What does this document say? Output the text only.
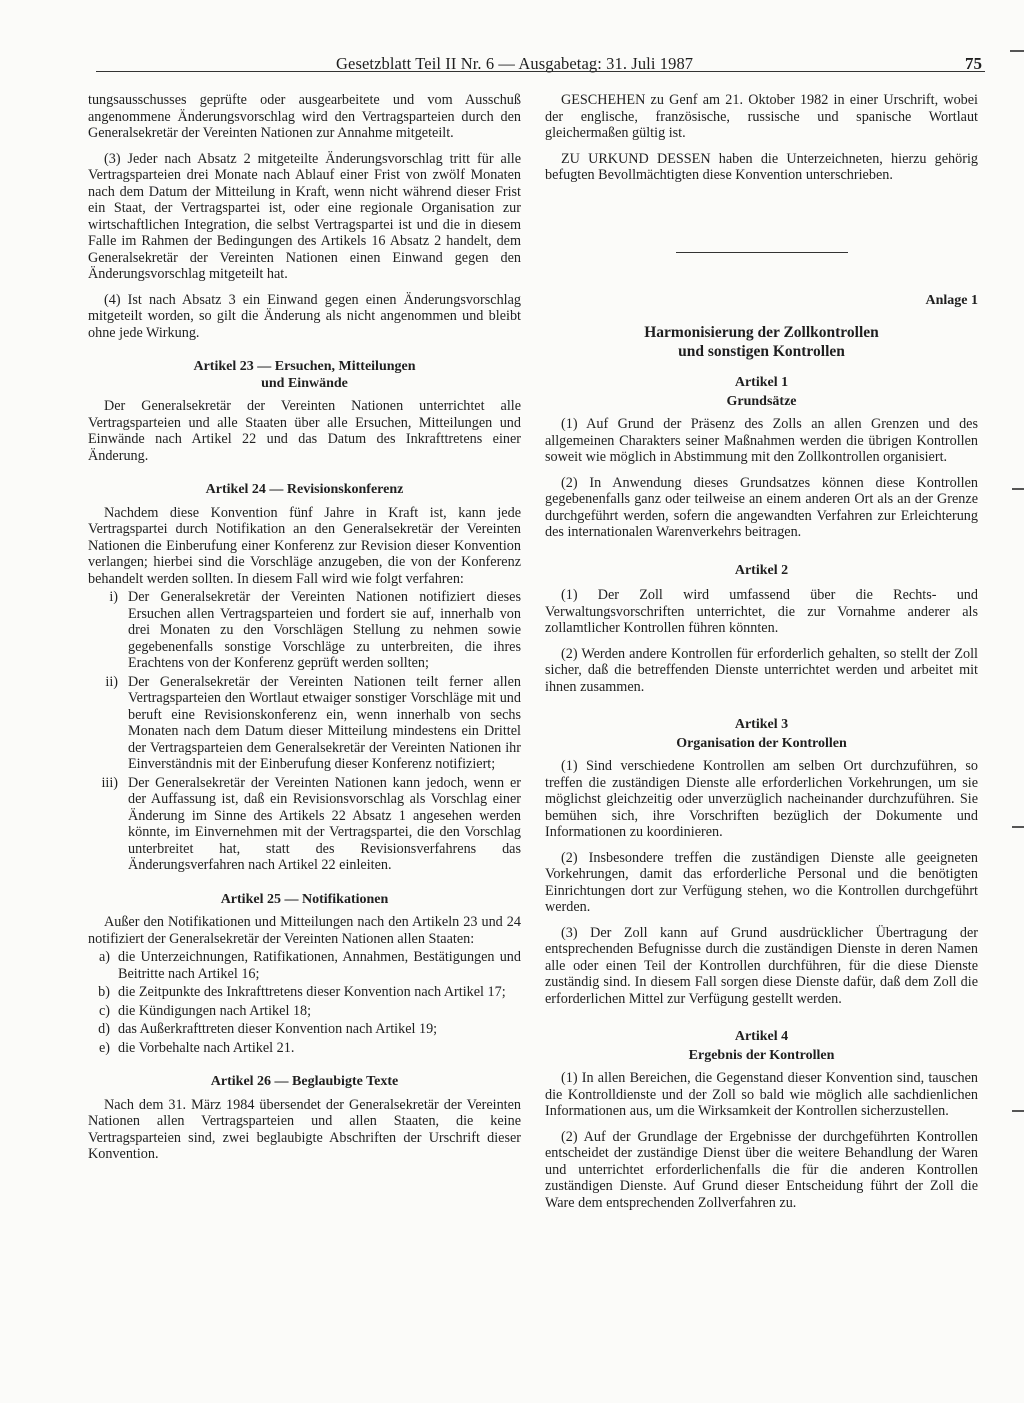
Gesetzblatt Teil II Nr. 6 — Ausgabetag: 31. Juli 1987	75

tungsausschusses geprüfte oder ausgearbeitete und vom Ausschuß angenommene Änderungsvorschlag wird den Vertragsparteien durch den Generalsekretär der Vereinten Nationen zur Annahme mitgeteilt.

(3) Jeder nach Absatz 2 mitgeteilte Änderungsvorschlag tritt für alle Vertragsparteien drei Monate nach Ablauf einer Frist von zwölf Monaten nach dem Datum der Mitteilung in Kraft, wenn nicht während dieser Frist ein Staat, der Vertragspartei ist, oder eine regionale Organisation zur wirtschaftlichen Integration, die selbst Vertragspartei ist und die in diesem Falle im Rahmen der Bedingungen des Artikels 16 Absatz 2 handelt, dem Generalsekretär der Vereinten Nationen einen Einwand gegen den Änderungsvorschlag mitgeteilt hat.

(4) Ist nach Absatz 3 ein Einwand gegen einen Änderungsvorschlag mitgeteilt worden, so gilt die Änderung als nicht angenommen und bleibt ohne jede Wirkung.

Artikel 23 — Ersuchen, Mitteilungen
und Einwände

Der Generalsekretär der Vereinten Nationen unterrichtet alle Vertragsparteien und alle Staaten über alle Ersuchen, Mitteilungen und Einwände nach Artikel 22 und das Datum des Inkrafttretens einer Änderung.

Artikel 24 — Revisionskonferenz

Nachdem diese Konvention fünf Jahre in Kraft ist, kann jede Vertragspartei durch Notifikation an den Generalsekretär der Vereinten Nationen die Einberufung einer Konferenz zur Revision dieser Konvention verlangen; hierbei sind die Vorschläge anzugeben, die von der Konferenz behandelt werden sollten. In diesem Fall wird wie folgt verfahren:

i) Der Generalsekretär der Vereinten Nationen notifiziert dieses Ersuchen allen Vertragsparteien und fordert sie auf, innerhalb von drei Monaten zu den Vorschlägen Stellung zu nehmen sowie gegebenenfalls sonstige Vorschläge zu unterbreiten, die ihres Erachtens von der Konferenz geprüft werden sollten;
ii) Der Generalsekretär der Vereinten Nationen teilt ferner allen Vertragsparteien den Wortlaut etwaiger sonstiger Vorschläge mit und beruft eine Revisionskonferenz ein, wenn innerhalb von sechs Monaten nach dem Datum dieser Mitteilung mindestens ein Drittel der Vertragsparteien dem Generalsekretär der Vereinten Nationen ihr Einverständnis mit der Einberufung dieser Konferenz notifiziert;
iii) Der Generalsekretär der Vereinten Nationen kann jedoch, wenn er der Auffassung ist, daß ein Revisionsvorschlag als Vorschlag einer Änderung im Sinne des Artikels 22 Absatz 1 angesehen werden könnte, im Einvernehmen mit der Vertragspartei, die den Vorschlag unterbreitet hat, statt des Revisionsverfahrens das Änderungsverfahren nach Artikel 22 einleiten.
Artikel 25 — Notifikationen

Außer den Notifikationen und Mitteilungen nach den Artikeln 23 und 24 notifiziert der Generalsekretär der Vereinten Nationen allen Staaten:

a) die Unterzeichnungen, Ratifikationen, Annahmen, Bestätigungen und Beitritte nach Artikel 16;
b) die Zeitpunkte des Inkrafttretens dieser Konvention nach Artikel 17;
c) die Kündigungen nach Artikel 18;
d) das Außerkrafttreten dieser Konvention nach Artikel 19;
e) die Vorbehalte nach Artikel 21.
Artikel 26 — Beglaubigte Texte

Nach dem 31. März 1984 übersendet der Generalsekretär der Vereinten Nationen allen Vertragsparteien und allen Staaten, die keine Vertragsparteien sind, zwei beglaubigte Abschriften der Urschrift dieser Konvention.

GESCHEHEN zu Genf am 21. Oktober 1982 in einer Urschrift, wobei der englische, französische, russische und spanische Wortlaut gleichermaßen gültig ist.

ZU URKUND DESSEN haben die Unterzeichneten, hierzu gehörig befugten Bevollmächtigten diese Konvention unterschrieben.

Anlage 1
Harmonisierung der Zollkontrollen
und sonstigen Kontrollen
Artikel 1
Grundsätze

(1) Auf Grund der Präsenz des Zolls an allen Grenzen und des allgemeinen Charakters seiner Maßnahmen werden die übrigen Kontrollen soweit wie möglich in Abstimmung mit den Zollkontrollen organisiert.

(2) In Anwendung dieses Grundsatzes können diese Kontrollen gegebenenfalls ganz oder teilweise an einem anderen Ort als an der Grenze durchgeführt werden, sofern die angewandten Verfahren zur Erleichterung des internationalen Warenverkehrs beitragen.

Artikel 2

(1) Der Zoll wird umfassend über die Rechts- und Verwaltungsvorschriften unterrichtet, die zur Vornahme anderer als zollamtlicher Kontrollen führen könnten.

(2) Werden andere Kontrollen für erforderlich gehalten, so stellt der Zoll sicher, daß die betreffenden Dienste unterrichtet werden und arbeitet mit ihnen zusammen.

Artikel 3
Organisation der Kontrollen

(1) Sind verschiedene Kontrollen am selben Ort durchzuführen, so treffen die zuständigen Dienste alle erforderlichen Vorkehrungen, um sie möglichst gleichzeitig oder unverzüglich nacheinander durchzuführen. Sie bemühen sich, ihre Vorschriften bezüglich der Dokumente und Informationen zu koordinieren.

(2) Insbesondere treffen die zuständigen Dienste alle geeigneten Vorkehrungen, damit das erforderliche Personal und die benötigten Einrichtungen dort zur Verfügung stehen, wo die Kontrollen durchgeführt werden.

(3) Der Zoll kann auf Grund ausdrücklicher Übertragung der entsprechenden Befugnisse durch die zuständigen Dienste in deren Namen alle oder einen Teil der Kontrollen durchführen, für die diese Dienste zuständig sind. In diesem Fall sorgen diese Dienste dafür, daß dem Zoll die erforderlichen Mittel zur Verfügung gestellt werden.

Artikel 4
Ergebnis der Kontrollen

(1) In allen Bereichen, die Gegenstand dieser Konvention sind, tauschen die Kontrolldienste und der Zoll so bald wie möglich alle sachdienlichen Informationen aus, um die Wirksamkeit der Kontrollen sicherzustellen.

(2) Auf der Grundlage der Ergebnisse der durchgeführten Kontrollen entscheidet der zuständige Dienst über die weitere Behandlung der Waren und unterrichtet erforderlichenfalls die für die anderen Kontrollen zuständigen Dienste. Auf Grund dieser Entscheidung führt der Zoll die Ware dem entsprechenden Zollverfahren zu.
